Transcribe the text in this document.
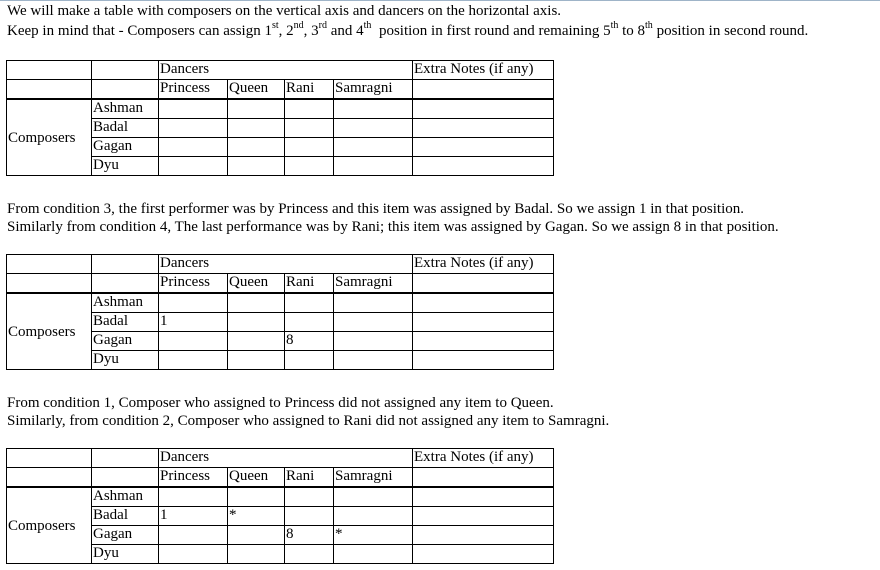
We will make a table with composers on the vertical axis and dancers on the horizontal axis.
Keep in mind that - Composers can assign 1st, 2nd, 3rd and 4th  position in first round and remaining 5th to 8th position in second round.
		Dancers				Extra Notes (if any)
		Princess	Queen	Rani	Samragni	
	Ashman					
Composers	Badal					
	Gagan					
	Dyu					
From condition 3, the first performer was by Princess and this item was assigned by Badal. So we assign 1 in that position.
Similarly from condition 4, The last performance was by Rani; this item was assigned by Gagan. So we assign 8 in that position.
		Dancers				Extra Notes (if any)
		Princess	Queen	Rani	Samragni	
	Ashman					
Composers	Badal	1				
	Gagan			8		
	Dyu					
From condition 1, Composer who assigned to Princess did not assigned any item to Queen.
Similarly, from condition 2, Composer who assigned to Rani did not assigned any item to Samragni.
		Dancers				Extra Notes (if any)
		Princess	Queen	Rani	Samragni	
	Ashman					
Composers	Badal	1	*			
	Gagan			8	*	
	Dyu					
